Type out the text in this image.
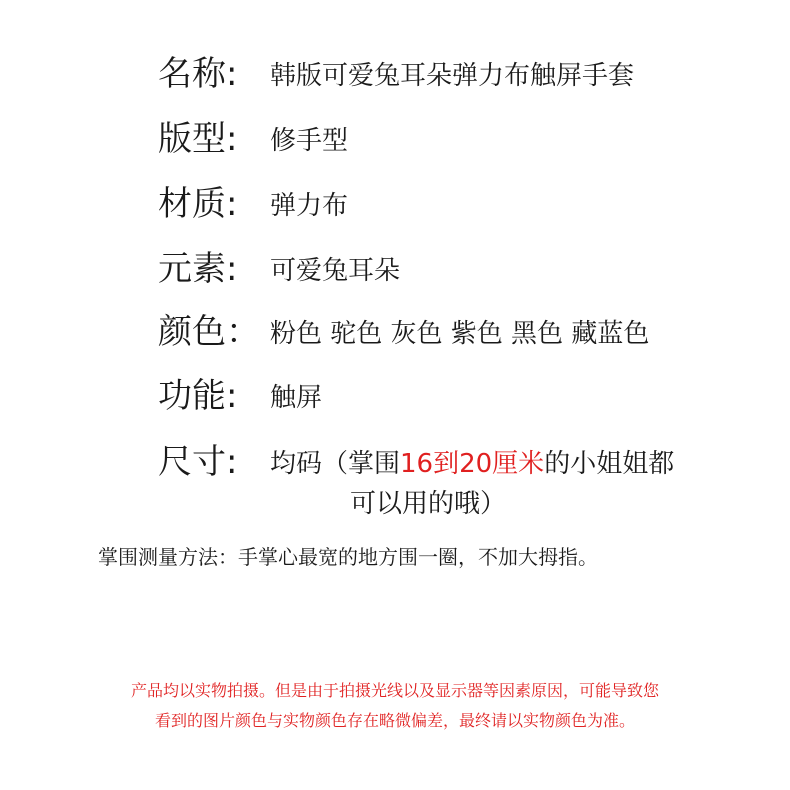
名称: 韩版可爱兔耳朵弹力布触屏手套
版型: 修手型
材质: 弹力布
元素: 可爱兔耳朵
颜色： 粉色 驼色 灰色 紫色 黑色 藏蓝色
功能: 触屏
尺寸: 均码（掌围16到20厘米的小姐姐都
可以用的哦）
掌围测量方法：手掌心最宽的地方围一圈，不加大拇指。
产品均以实物拍摄。但是由于拍摄光线以及显示器等因素原因，可能导致您
看到的图片颜色与实物颜色存在略微偏差，最终请以实物颜色为准。
